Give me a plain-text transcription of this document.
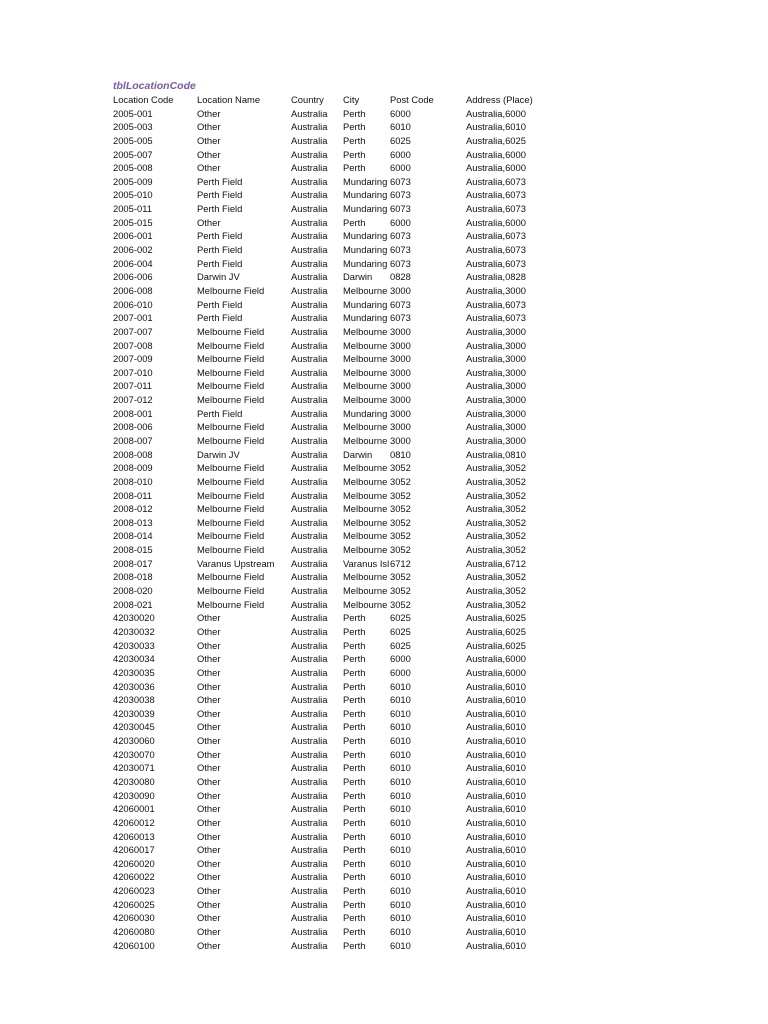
tblLocationCode
Location Code	Location Name	Country	City	Post Code	Address (Place)
2005-001	Other	Australia	Perth	6000	Australia,6000
2005-003	Other	Australia	Perth	6010	Australia,6010
2005-005	Other	Australia	Perth	6025	Australia,6025
2005-007	Other	Australia	Perth	6000	Australia,6000
2005-008	Other	Australia	Perth	6000	Australia,6000
2005-009	Perth Field	Australia	Mundaring 6073	Australia,6073
2005-010	Perth Field	Australia	Mundaring 6073	Australia,6073
2005-011	Perth Field	Australia	Mundaring 6073	Australia,6073
2005-015	Other	Australia	Perth	6000	Australia,6000
2006-001	Perth Field	Australia	Mundaring 6073	Australia,6073
2006-002	Perth Field	Australia	Mundaring 6073	Australia,6073
2006-004	Perth Field	Australia	Mundaring 6073	Australia,6073
2006-006	Darwin JV	Australia	Darwin	0828	Australia,0828
2006-008	Melbourne Field	Australia	Melbourne 3000	Australia,3000
2006-010	Perth Field	Australia	Mundaring 6073	Australia,6073
2007-001	Perth Field	Australia	Mundaring 6073	Australia,6073
2007-007	Melbourne Field	Australia	Melbourne 3000	Australia,3000
2007-008	Melbourne Field	Australia	Melbourne 3000	Australia,3000
2007-009	Melbourne Field	Australia	Melbourne 3000	Australia,3000
2007-010	Melbourne Field	Australia	Melbourne 3000	Australia,3000
2007-011	Melbourne Field	Australia	Melbourne 3000	Australia,3000
2007-012	Melbourne Field	Australia	Melbourne 3000	Australia,3000
2008-001	Perth Field	Australia	Mundaring 3000	Australia,3000
2008-006	Melbourne Field	Australia	Melbourne 3000	Australia,3000
2008-007	Melbourne Field	Australia	Melbourne 3000	Australia,3000
2008-008	Darwin JV	Australia	Darwin	0810	Australia,0810
2008-009	Melbourne Field	Australia	Melbourne 3052	Australia,3052
2008-010	Melbourne Field	Australia	Melbourne 3052	Australia,3052
2008-011	Melbourne Field	Australia	Melbourne 3052	Australia,3052
2008-012	Melbourne Field	Australia	Melbourne 3052	Australia,3052
2008-013	Melbourne Field	Australia	Melbourne 3052	Australia,3052
2008-014	Melbourne Field	Australia	Melbourne 3052	Australia,3052
2008-015	Melbourne Field	Australia	Melbourne 3052	Australia,3052
2008-017	Varanus Upstream	Australia	Varanus Isl 6712	Australia,6712
2008-018	Melbourne Field	Australia	Melbourne 3052	Australia,3052
2008-020	Melbourne Field	Australia	Melbourne 3052	Australia,3052
2008-021	Melbourne Field	Australia	Melbourne 3052	Australia,3052
42030020	Other	Australia	Perth	6025	Australia,6025
42030032	Other	Australia	Perth	6025	Australia,6025
42030033	Other	Australia	Perth	6025	Australia,6025
42030034	Other	Australia	Perth	6000	Australia,6000
42030035	Other	Australia	Perth	6000	Australia,6000
42030036	Other	Australia	Perth	6010	Australia,6010
42030038	Other	Australia	Perth	6010	Australia,6010
42030039	Other	Australia	Perth	6010	Australia,6010
42030045	Other	Australia	Perth	6010	Australia,6010
42030060	Other	Australia	Perth	6010	Australia,6010
42030070	Other	Australia	Perth	6010	Australia,6010
42030071	Other	Australia	Perth	6010	Australia,6010
42030080	Other	Australia	Perth	6010	Australia,6010
42030090	Other	Australia	Perth	6010	Australia,6010
42060001	Other	Australia	Perth	6010	Australia,6010
42060012	Other	Australia	Perth	6010	Australia,6010
42060013	Other	Australia	Perth	6010	Australia,6010
42060017	Other	Australia	Perth	6010	Australia,6010
42060020	Other	Australia	Perth	6010	Australia,6010
42060022	Other	Australia	Perth	6010	Australia,6010
42060023	Other	Australia	Perth	6010	Australia,6010
42060025	Other	Australia	Perth	6010	Australia,6010
42060030	Other	Australia	Perth	6010	Australia,6010
42060080	Other	Australia	Perth	6010	Australia,6010
42060100	Other	Australia	Perth	6010	Australia,6010
